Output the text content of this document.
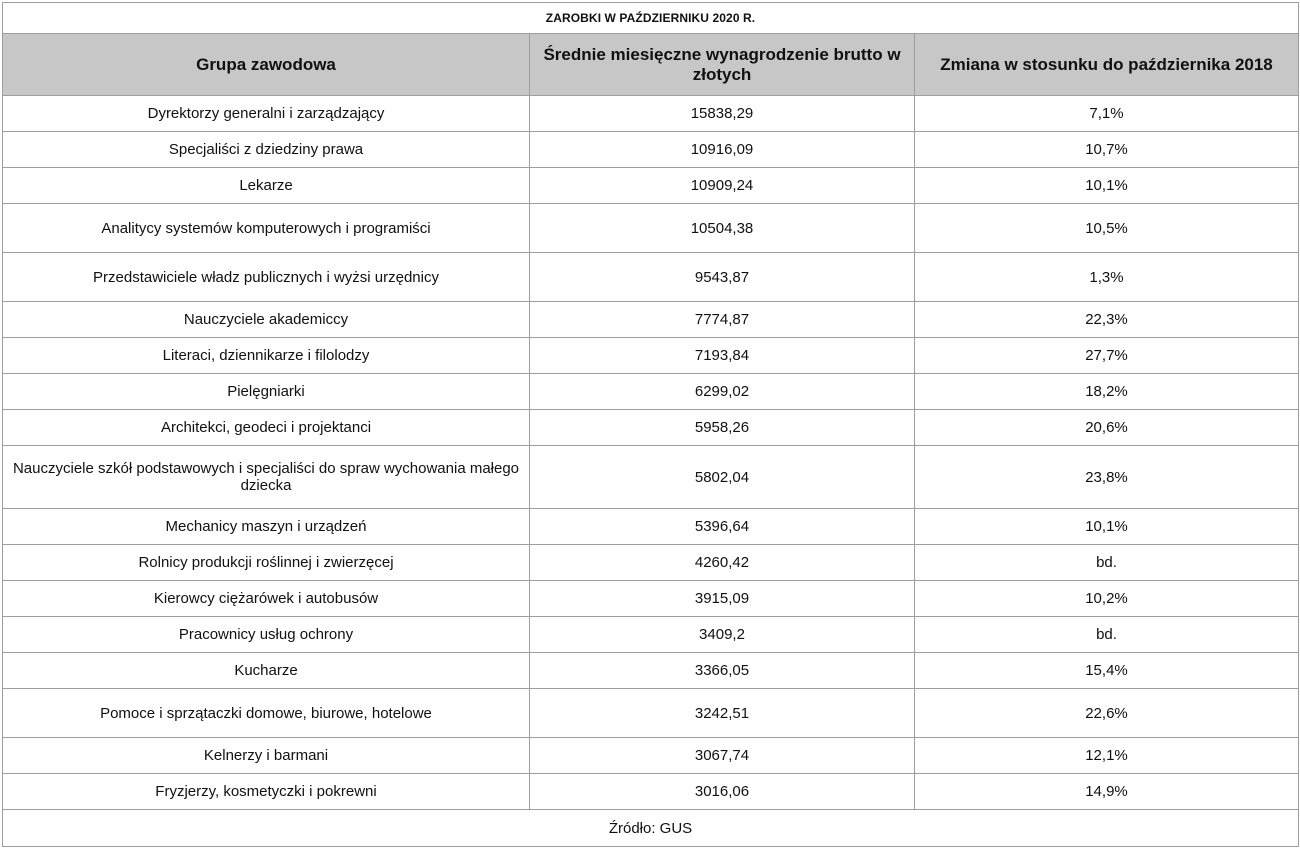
ZAROBKI W PAŹDZIERNIKU 2020 R.		
Grupa zawodowa	Średnie miesięczne wynagrodzenie brutto w złotych	Zmiana w stosunku do października 2018
Dyrektorzy generalni i zarządzający	15838,29	7,1%
Specjaliści z dziedziny prawa	10916,09	10,7%
Lekarze	10909,24	10,1%
Analitycy systemów komputerowych i programiści	10504,38	10,5%
Przedstawiciele władz publicznych i wyżsi urzędnicy	9543,87	1,3%
Nauczyciele akademiccy	7774,87	22,3%
Literaci, dziennikarze i filolodzy	7193,84	27,7%
Pielęgniarki	6299,02	18,2%
Architekci, geodeci i projektanci	5958,26	20,6%
Nauczyciele szkół podstawowych i specjaliści do spraw wychowania małego dziecka	5802,04	23,8%
Mechanicy maszyn i urządzeń	5396,64	10,1%
Rolnicy produkcji roślinnej i zwierzęcej	4260,42	bd.
Kierowcy ciężarówek i autobusów	3915,09	10,2%
Pracownicy usług ochrony	3409,2	bd.
Kucharze	3366,05	15,4%
Pomoce i sprzątaczki domowe, biurowe, hotelowe	3242,51	22,6%
Kelnerzy i barmani	3067,74	12,1%
Fryzjerzy, kosmetyczki i pokrewni	3016,06	14,9%
Źródło: GUS		
